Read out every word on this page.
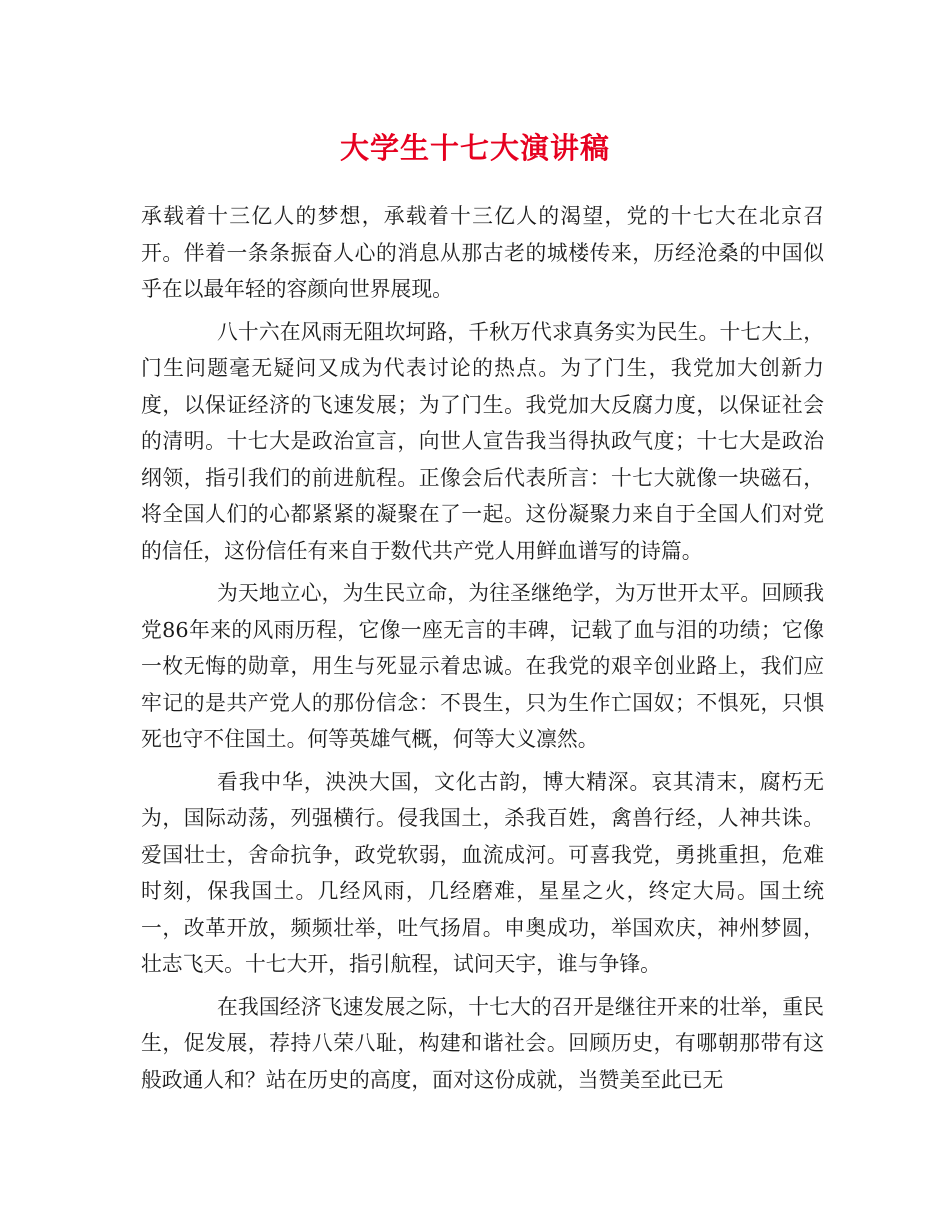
大学生十七大演讲稿

承载着十三亿人的梦想，承载着十三亿人的渴望，党的十七大在北京召开。伴着一条条振奋人心的消息从那古老的城楼传来，历经沧桑的中国似乎在以最年轻的容颜向世界展现。

八十六在风雨无阻坎坷路，千秋万代求真务实为民生。十七大上，门生问题毫无疑问又成为代表讨论的热点。为了门生，我党加大创新力度，以保证经济的飞速发展；为了门生。我党加大反腐力度，以保证社会的清明。十七大是政治宣言，向世人宣告我当得执政气度；十七大是政治纲领，指引我们的前进航程。正像会后代表所言：十七大就像一块磁石，将全国人们的心都紧紧的凝聚在了一起。这份凝聚力来自于全国人们对党的信任，这份信任有来自于数代共产党人用鲜血谱写的诗篇。

为天地立心，为生民立命，为往圣继绝学，为万世开太平。回顾我党86年来的风雨历程，它像一座无言的丰碑，记载了血与泪的功绩；它像一枚无悔的勋章，用生与死显示着忠诚。在我党的艰辛创业路上，我们应牢记的是共产党人的那份信念：不畏生，只为生作亡国奴；不惧死，只惧死也守不住国土。何等英雄气概，何等大义凛然。

看我中华，泱泱大国，文化古韵，博大精深。哀其清末，腐朽无为，国际动荡，列强横行。侵我国土，杀我百姓，禽兽行经，人神共诛。爱国壮士，舍命抗争，政党软弱，血流成河。可喜我党，勇挑重担，危难时刻，保我国土。几经风雨，几经磨难，星星之火，终定大局。国土统一，改革开放，频频壮举，吐气扬眉。申奥成功，举国欢庆，神州梦圆，壮志飞天。十七大开，指引航程，试问天宇，谁与争锋。

在我国经济飞速发展之际，十七大的召开是继往开来的壮举，重民生，促发展，荐持八荣八耻，构建和谐社会。回顾历史，有哪朝那带有这般政通人和？站在历史的高度，面对这份成就，当赞美至此已无
